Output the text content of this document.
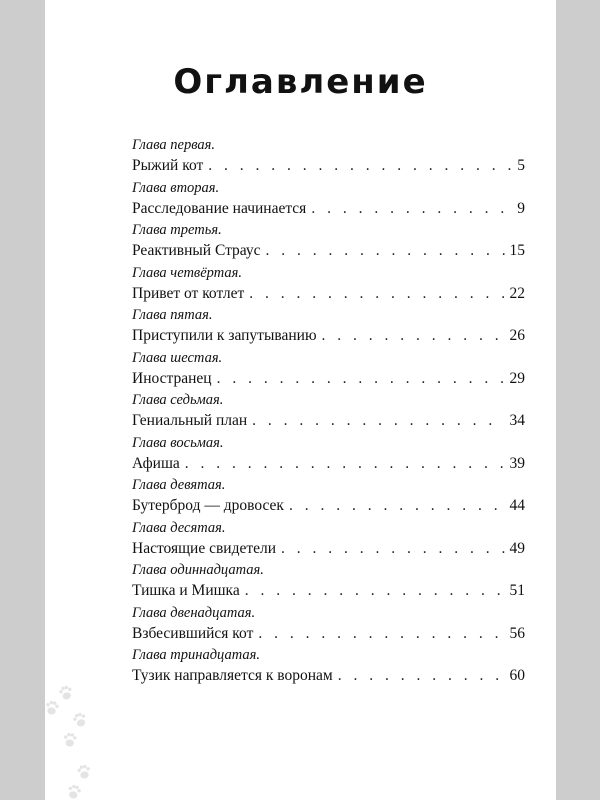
Оглавление
Глава первая.
Рыжий кот . . .	5
Глава вторая.
Расследование начинается . . .	9
Глава третья.
Реактивный Страус . . .	15
Глава четвёртая.
Привет от котлет . . .	22
Глава пятая.
Приступили к запутыванию . . .	26
Глава шестая.
Иностранец . . .	29
Глава седьмая.
Гениальный план . . .	34
Глава восьмая.
Афиша . . .	39
Глава девятая.
Бутерброд — дровосек . . .	44
Глава десятая.
Настоящие свидетели . . .	49
Глава одиннадцатая.
Тишка и Мишка . . .	51
Глава двенадцатая.
Взбесившийся кот . . .	56
Глава тринадцатая.
Тузик направляется к воронам . . .	60
